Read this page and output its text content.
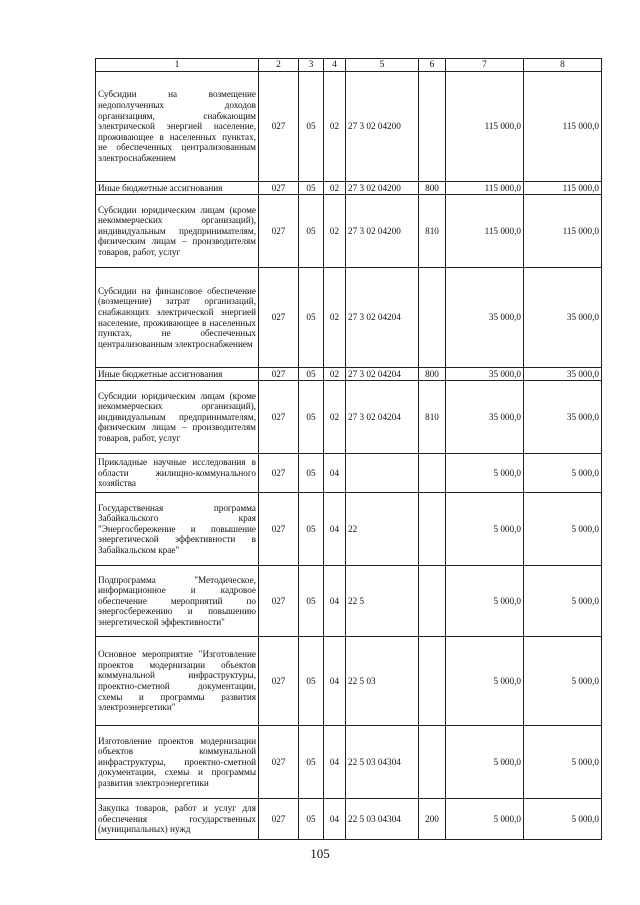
1	2	3	4	5	6	7	8
Субсидии на возмещение недополученных доходов организациям, снабжающим электрической энергией население, проживающее в населенных пунктах, не обеспеченных централизованным электроснабжением	027	05	02	27 3 02 04200		115 000,0	115 000,0
Иные бюджетные ассигнования	027	05	02	27 3 02 04200	800	115 000,0	115 000,0
Субсидии юридическим лицам (кроме некоммерческих организаций), индивидуальным предпринимателям, физическим лицам – производителям товаров, работ, услуг	027	05	02	27 3 02 04200	810	115 000,0	115 000,0
Субсидии на финансовое обеспечение (возмещение) затрат организаций, снабжающих электрической энергией население, проживающее в населенных пунктах, не обеспеченных централизованным электроснабжением	027	05	02	27 3 02 04204		35 000,0	35 000,0
Иные бюджетные ассигнования	027	05	02	27 3 02 04204	800	35 000,0	35 000,0
Субсидии юридическим лицам (кроме некоммерческих организаций), индивидуальным предпринимателям, физическим лицам – производителям товаров, работ, услуг	027	05	02	27 3 02 04204	810	35 000,0	35 000,0
Прикладные научные исследования в области жилищно-коммунального хозяйства	027	05	04			5 000,0	5 000,0
Государственная программа Забайкальского края "Энергосбережение и повышение энергетической эффективности в Забайкальском крае"	027	05	04	22		5 000,0	5 000,0
Подпрограмма "Методическое, информационное и кадровое обеспечение мероприятий по энергосбережению и повышению энергетической эффективности"	027	05	04	22 5		5 000,0	5 000,0
Основное мероприятие "Изготовление проектов модернизации объектов коммунальной инфраструктуры, проектно-сметной документации, схемы и программы развития электроэнергетики"	027	05	04	22 5 03		5 000,0	5 000,0
Изготовление проектов модернизации объектов коммунальной инфраструктуры, проектно-сметной документации, схемы и программы развития электроэнергетики	027	05	04	22 5 03 04304		5 000,0	5 000,0
Закупка товаров, работ и услуг для обеспечения государственных (муниципальных) нужд	027	05	04	22 5 03 04304	200	5 000,0	5 000,0
105
